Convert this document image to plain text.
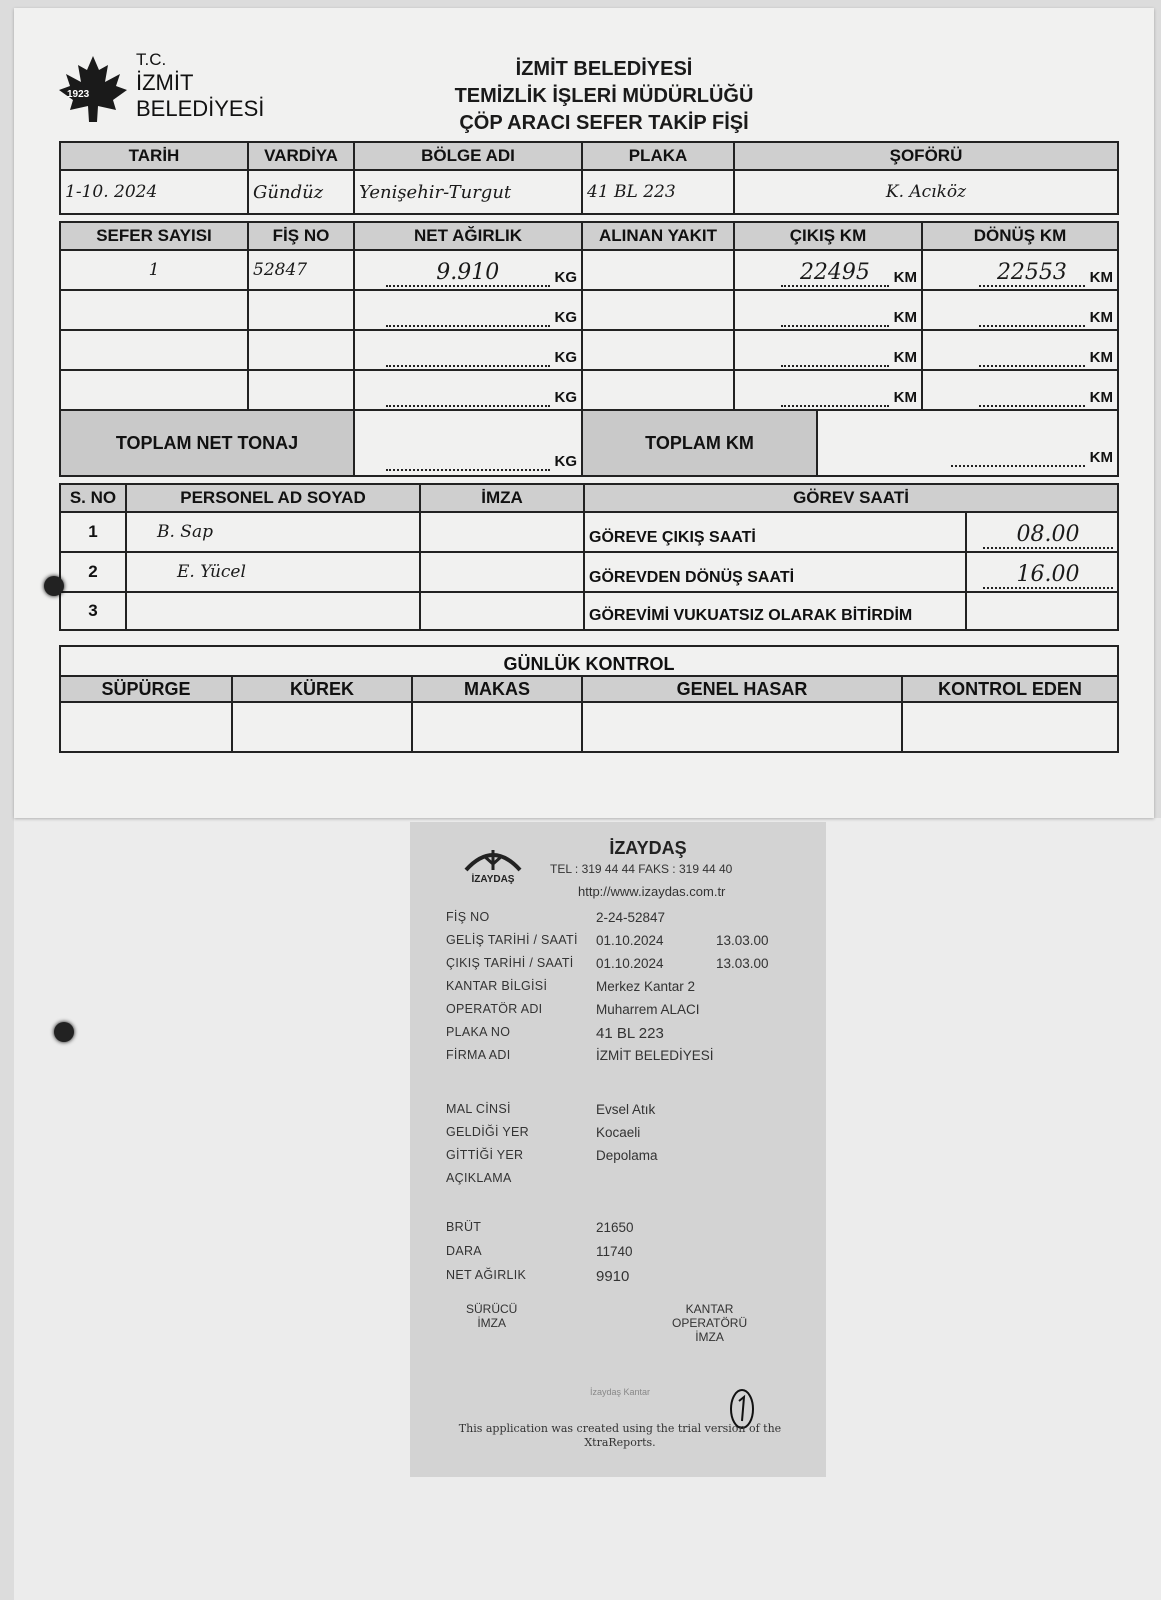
1923
T.C.
İZMİT
BELEDİYESİ
İZMİT BELEDİYESİ
TEMİZLİK İŞLERİ MÜDÜRLÜĞÜ
ÇÖP ARACI SEFER TAKİP FİŞİ
TARİH	VARDİYA	BÖLGE ADI	PLAKA	ŞOFÖRÜ
1-10. 2024	Gündüz	Yenişehir-Turgut	41 BL 223	K. Acıköz
SEFER SAYISI	FİŞ NO	NET AĞIRLIK	ALINAN YAKIT	ÇIKIŞ KM	DÖNÜŞ KM
1	52847	9.910 KG		22495 KM	22553 KM
		KG		KM	KM
		KG		KM	KM
		KG		KM	KM
TOPLAM NET TONAJ	KG	TOPLAM KM	KM
S. NO	PERSONEL AD SOYAD	İMZA	GÖREV SAATİ	
1	B. Sap		GÖREVE ÇIKIŞ SAATİ	08.00
2	E. Yücel		GÖREVDEN DÖNÜŞ SAATİ	16.00
3			GÖREVİMİ VUKUATSIZ OLARAK BİTİRDİM	
GÜNLÜK KONTROL				
SÜPÜRGE	KÜREK	MAKAS	GENEL HASAR	KONTROL EDEN

İZAYDAŞ
İZAYDAŞ
TEL : 319 44 44 FAKS : 319 44 40
http://www.izaydas.com.tr
FİŞ NO	2-24-52847
GELİŞ TARİHİ / SAATİ 01.10.2024	13.03.00
ÇIKIŞ TARİHİ / SAATİ 01.10.2024	13.03.00
KANTAR BİLGİSİ	Merkez Kantar 2
OPERATÖR ADI	Muharrem ALACI
PLAKA NO	41 BL 223
FİRMA ADI	İZMİT BELEDİYESİ
MAL CİNSİ	Evsel Atık
GELDİĞİ YER	Kocaeli
GİTTİĞİ YER	Depolama
AÇIKLAMA
BRÜT	21650
DARA	11740
NET AĞIRLIK	9910
SÜRÜCÜ
İMZA
KANTAR
OPERATÖRÜ
İMZA
İzaydaş Kantar
This application was created using the trial version of the XtraReports.
